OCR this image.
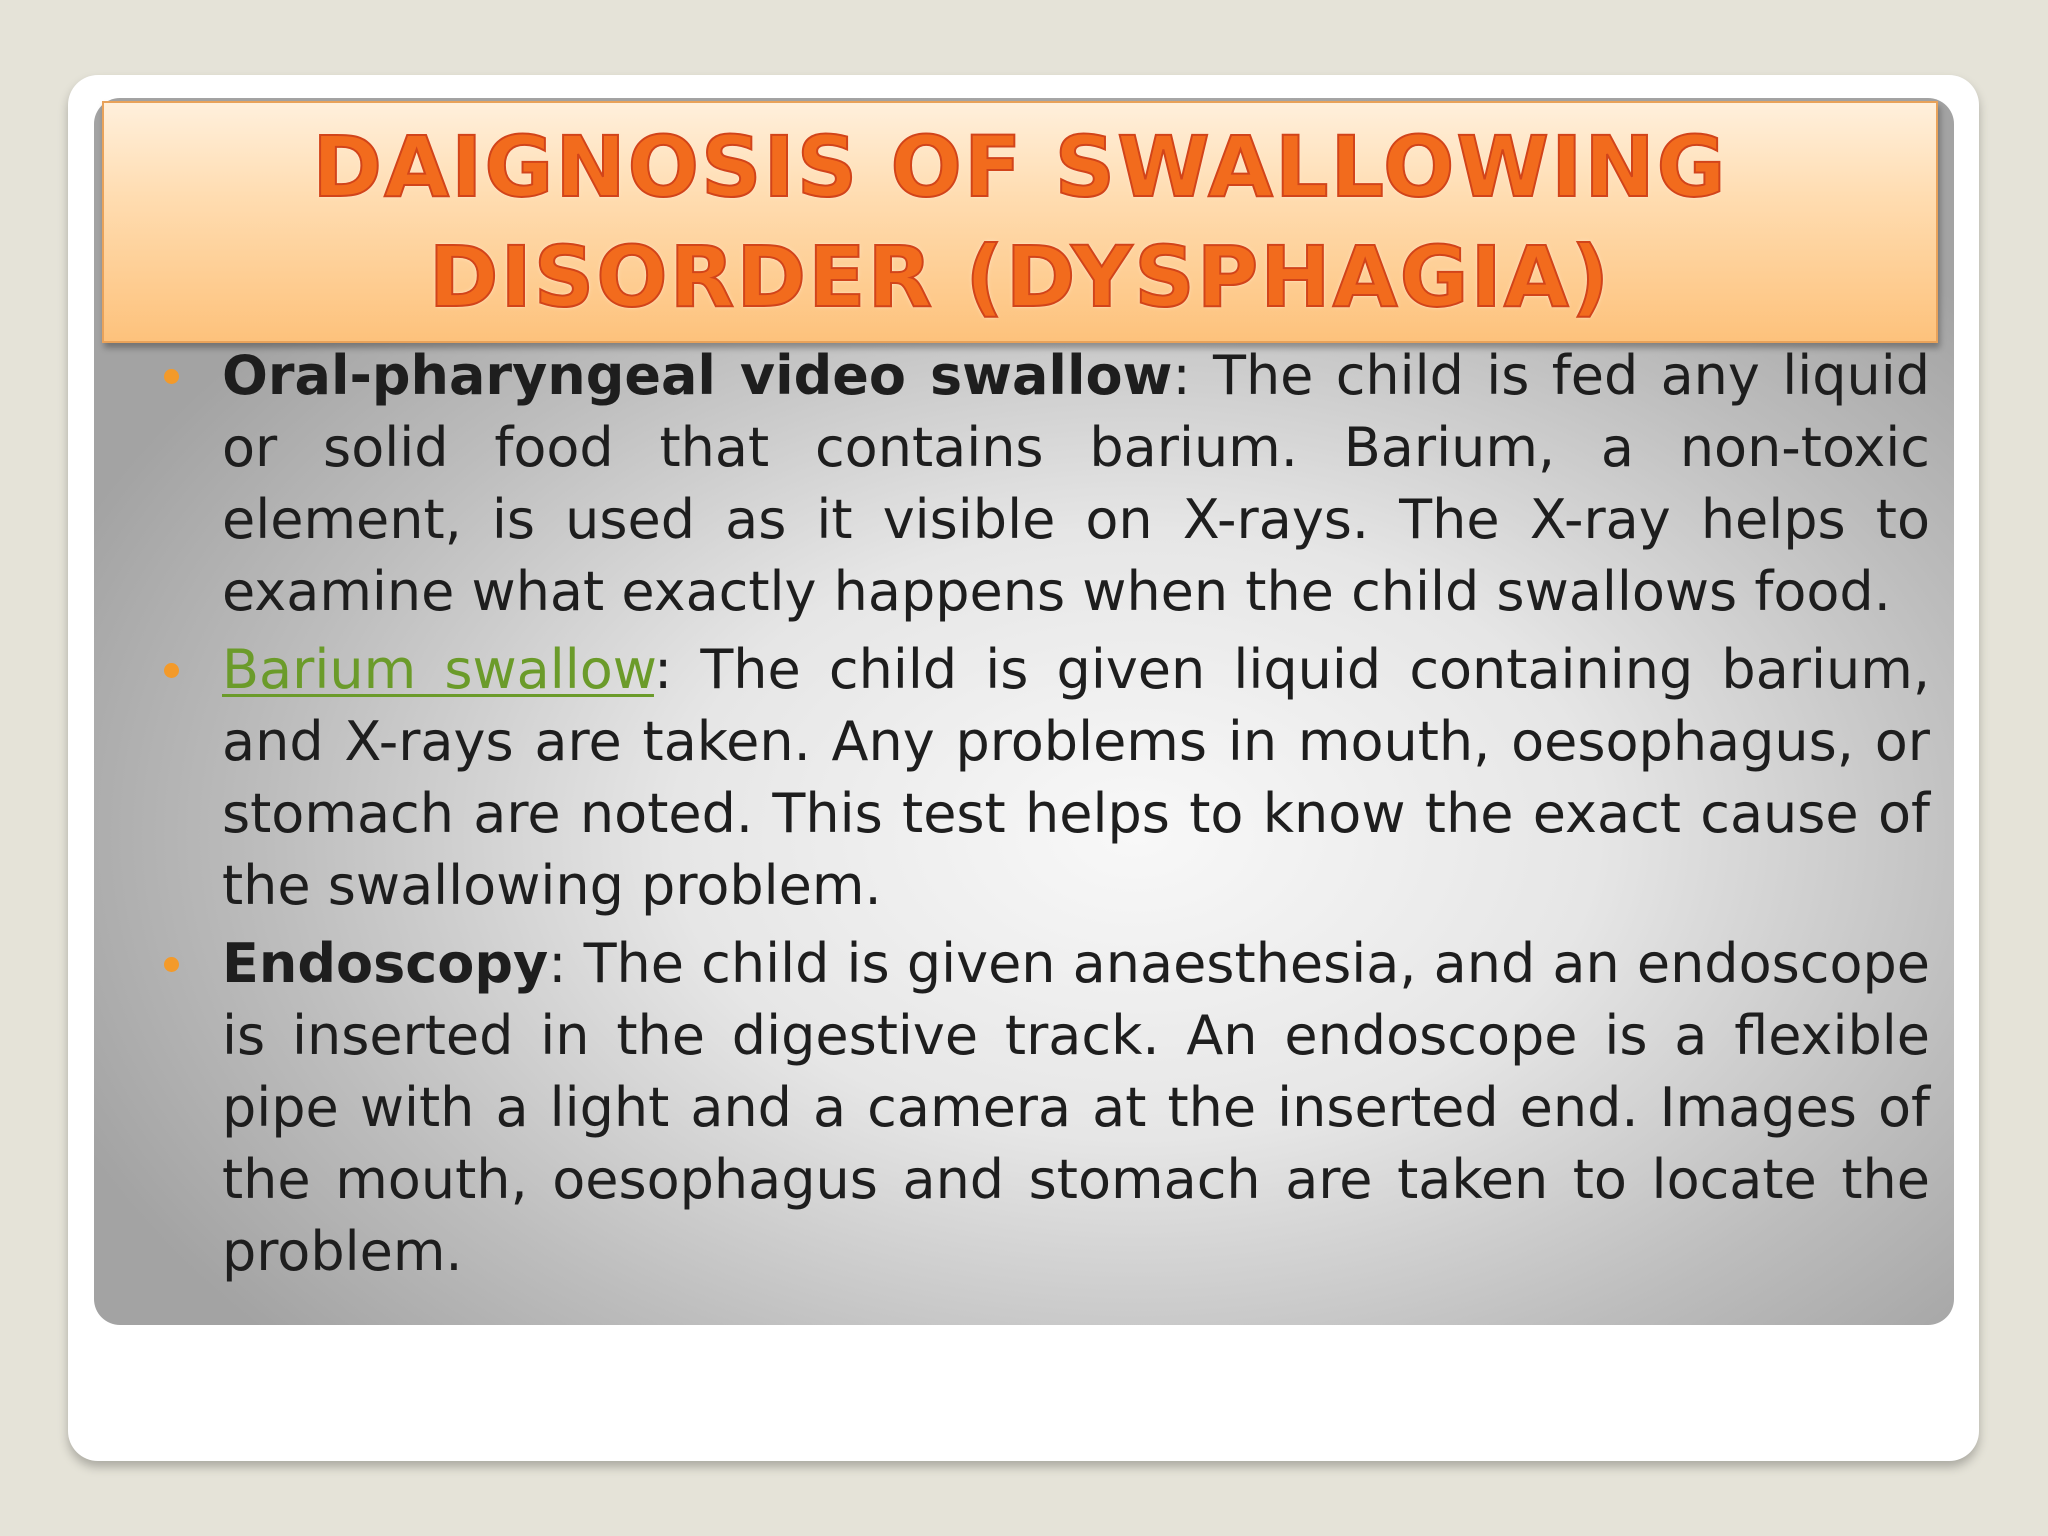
DAIGNOSIS OF SWALLOWING DISORDER (DYSPHAGIA)
Oral-pharyngeal video swallow: The child is fed any liquid or solid food that contains barium. Barium, a non-toxic element, is used as it visible on X-rays. The X-ray helps to examine what exactly happens when the child swallows food.
Barium swallow: The child is given liquid containing barium, and X-rays are taken. Any problems in mouth, oesophagus, or stomach are noted. This test helps to know the exact cause of the swallowing problem.
Endoscopy: The child is given anaesthesia, and an endoscope is inserted in the digestive track. An endoscope is a flexible pipe with a light and a camera at the inserted end. Images of the mouth, oesophagus and stomach are taken to locate the problem.
